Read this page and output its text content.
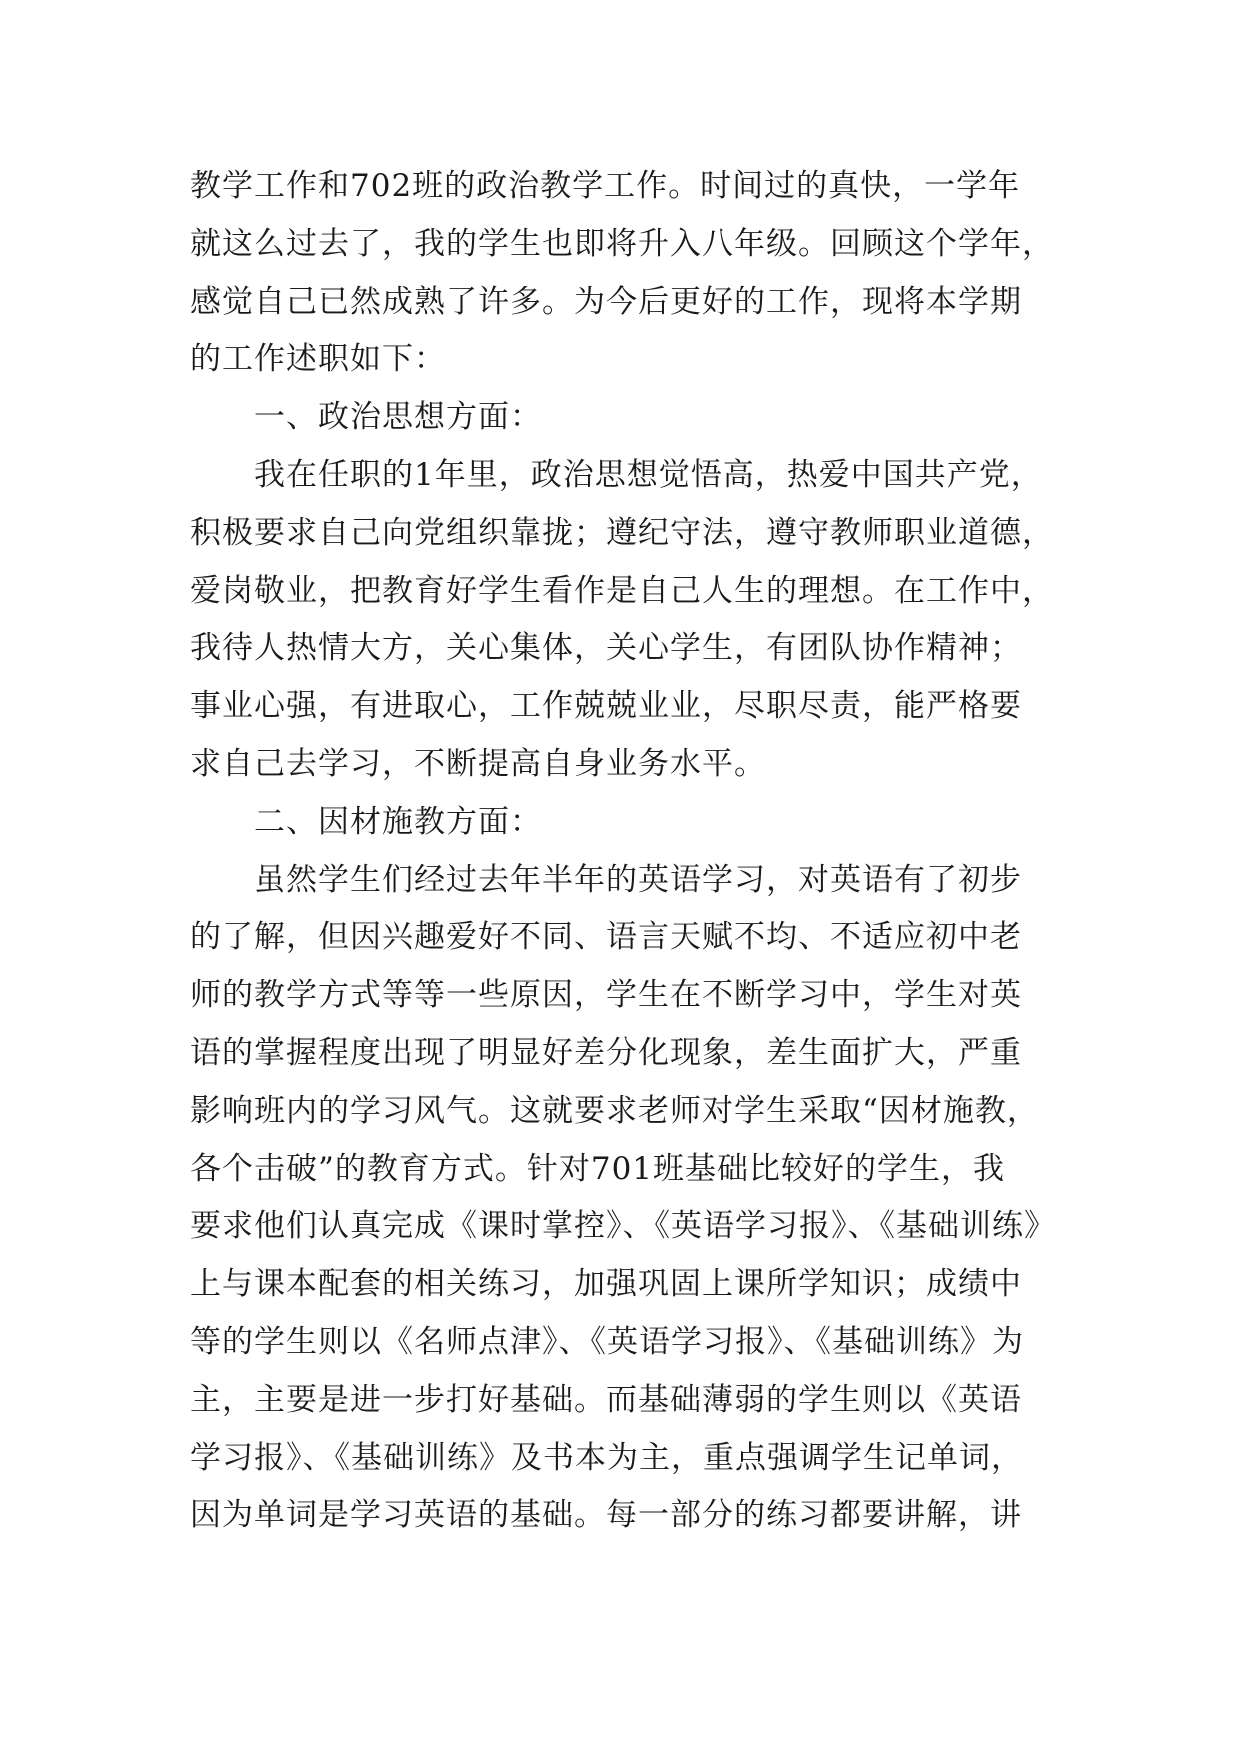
教学工作和702班的政治教学工作。时间过的真快，一学年
就这么过去了，我的学生也即将升入八年级。回顾这个学年，
感觉自己已然成熟了许多。为今后更好的工作，现将本学期
的工作述职如下：
一、政治思想方面：
我在任职的1年里，政治思想觉悟高，热爱中国共产党，
积极要求自己向党组织靠拢；遵纪守法，遵守教师职业道德，
爱岗敬业，把教育好学生看作是自己人生的理想。在工作中，
我待人热情大方，关心集体，关心学生，有团队协作精神；
事业心强，有进取心，工作兢兢业业，尽职尽责，能严格要
求自己去学习，不断提高自身业务水平。
二、因材施教方面：
虽然学生们经过去年半年的英语学习，对英语有了初步
的了解，但因兴趣爱好不同、语言天赋不均、不适应初中老
师的教学方式等等一些原因，学生在不断学习中，学生对英
语的掌握程度出现了明显好差分化现象，差生面扩大，严重
影响班内的学习风气。这就要求老师对学生采取“因材施教，
各个击破”的教育方式。针对701班基础比较好的学生，我
要求他们认真完成《课时掌控》、《英语学习报》、《基础训练》
上与课本配套的相关练习，加强巩固上课所学知识；成绩中
等的学生则以《名师点津》、《英语学习报》、《基础训练》为
主，主要是进一步打好基础。而基础薄弱的学生则以《英语
学习报》、《基础训练》及书本为主，重点强调学生记单词，
因为单词是学习英语的基础。每一部分的练习都要讲解，讲
